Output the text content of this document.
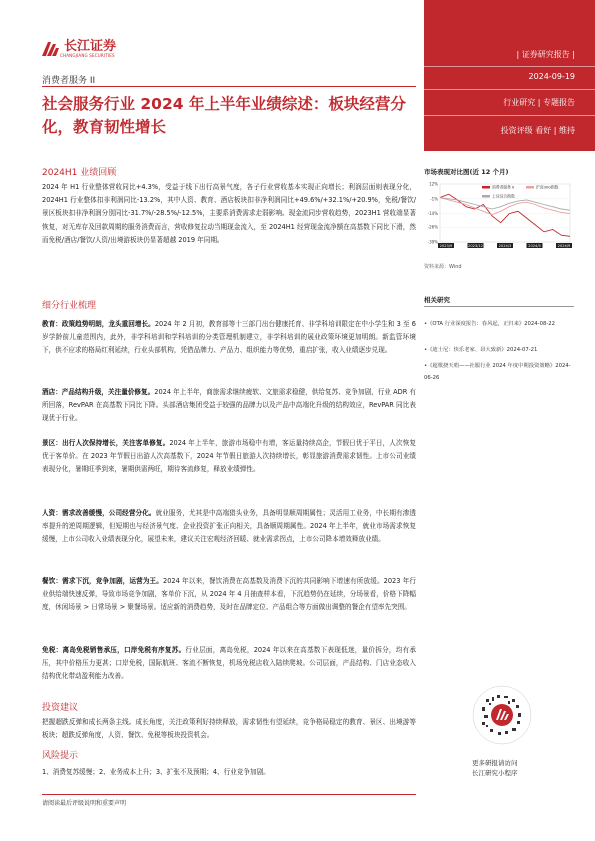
长江证券
CHANGJIANG SECURITIES
消费者服务 II
社会服务行业 2024 年上半年业绩综述：板块经营分化，教育韧性增长
| 证券研究报告 |
2024-09-19
行业研究 | 专题报告
投资评级 看好 | 维持
2024H1 业绩回顾
2024 年 H1 行业整体营收同比+4.3%，受益于线下出行高景气度，各子行业营收基本实现正向增长；利润层面则表现分化，2024H1 行业整体扣非利润同比-13.2%，其中人资、教育、酒店板块扣非净利润同比+49.6%/+32.1%/+20.9%，免税/餐饮/景区板块扣非净利润分别同比-31.7%/-28.5%/-12.5%，主要系消费需求走弱影响。现金流同步营收趋势，2023H1 营收端显著恢复，对无库存及回款周期的服务消费而言，营收修复拉动当期现金流入，至 2024H1 经营现金流净额在高基数下同比下滑，然而免税/酒店/餐饮/人资/出境游板块仍显著超越 2019 年同期。
细分行业梳理
教育：政策趋势明朗，龙头重回增长。2024 年 2 月初，教育部等十三部门出台健康托育、非学科培训限定在中小学生和 3 至 6 岁学龄前儿童范围内，此外，非学科培训和学科培训的分类管理机制建立，非学科培训的展业政策环境更加明朗。新监管环境下，供不应求的格局红利延续，行业头部机构，凭借品牌力、产品力、组织能力等优势，重启扩张，收入业绩逐步兑现。
酒店：产品结构升级，关注量价修复。2024 年上半年，商旅需求继续疲软、文旅需求稳健，供给复苏、竞争加剧，行业 ADR 有所回落，RevPAR 在高基数下同比下降。头部酒店集团受益于较强的品牌力以及产品中高端化升级的结构效应，RevPAR 同比表现优于行业。
景区：出行人次保持增长，关注客单修复。2024 年上半年，旅游市场稳中有增，客运量持续高企，节假日优于平日，人次恢复优于客单价。在 2023 年节假日出游人次高基数下，2024 年节假日旅游人次持续增长，彰显旅游消费需求韧性。上市公司业绩表现分化，暑期旺季到来，暑期供需两旺，期待客流修复，释放业绩弹性。
人资：需求改善缓慢，公司经营分化。就业服务，尤其是中高端猎头业务，具备明显顺周期属性；灵活用工业务，中长期有渗透率提升的逆周期逻辑，但短期也与经济景气度、企业投资扩张正向相关，具备顺周期属性。2024 年上半年，就业市场需求恢复缓慢，上市公司收入业绩表现分化，展望未来，建议关注宏观经济回暖、就业需求拐点，上市公司降本增效释放业绩。
餐饮：需求下沉，竞争加剧，运营为王。2024 年以来，餐饮消费在高基数及消费下沉的共同影响下增速有所放缓。2023 年行业供给端快速反弹，导致市场竞争加剧，客单价下沉，从 2024 年 4 月抽查样本看，下沉趋势仍在延续，分场景看，价格下降幅度，休闲场景 > 日常场景 > 聚餐场景。适应新的消费趋势，及时在品牌定位、产品组合等方面做出调整的餐企有望率先突围。
免税：离岛免税销售承压，口岸免税有序复苏。行业层面，离岛免税，2024 年以来在高基数下表现低迷，量价拆分，均有承压，其中价格压力更甚；口岸免税，国际航班、客流不断恢复，机场免税店收入陆续爬坡。公司层面，产品结构、门店业态收入结构优化带动盈利能力改善。
投资建议
把握超跌反弹和成长两条主线。成长角度，关注政策利好持续释放，需求韧性有望延续，竞争格局稳定的教育、景区、出境游等板块；超跌反弹角度，人资、餐饮、免税等板块投资机会。
风险提示
1、消费复苏缓慢；2、业务成本上升；3、扩张不及预期；4、行业竞争加剧。
请阅读最后评级说明和重要声明
市场表现对比图(近 12 个月)
12%
-1%
-14%
-26%
-39%
2023/9	2023/12	2024/3	2024/5	2024/9
消费者服务 II	沪深300指数
上证综合指数
资料来源：Wind
相关研究
•《OTA 行业深度报告：春风起，正归来》2024-08-22
•《迪士尼：快乐老家、昂大致新》2024-07-21
•《超歌挠天唱——社服行业 2024 年度中期投资策略》2024-06-26
更多研报请访问
长江研究小程序
